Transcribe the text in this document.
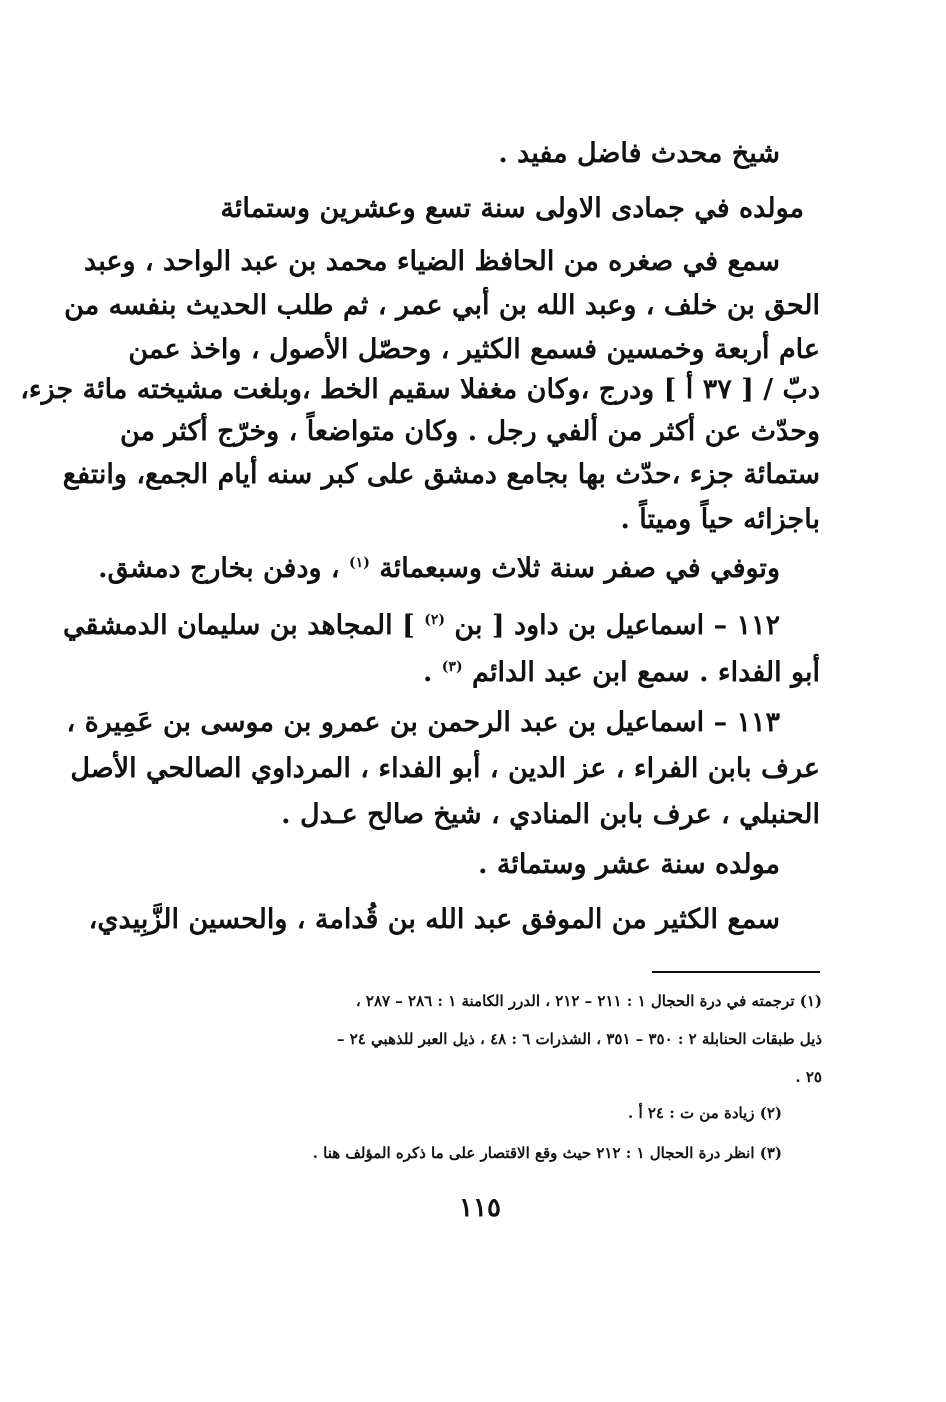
شيخ محدث فاضل مفيد .
مولده في جمادى الاولى سنة تسع وعشرين وستمائة
سمع في صغره من الحافظ الضياء محمد بن عبد الواحد ، وعبد
الحق بن خلف ، وعبد الله بن أبي عمر ، ثم طلب الحديث بنفسه من
عام أربعة وخمسين فسمع الكثير ، وحصّل الأصول ، واخذ عمن
دبّ / [ ٣٧ أ ] ودرج ،وكان مغفلا سقيم الخط ،وبلغت مشيخته مائة جزء،
وحدّث عن أكثر من ألفي رجل . وكان متواضعاً ، وخرّج أكثر من
ستمائة جزء ،حدّث بها بجامع دمشق على كبر سنه أيام الجمع، وانتفع
باجزائه حياً وميتاً .
وتوفي في صفر سنة ثلاث وسبعمائة $^{(١)}$ ، ودفن بخارج دمشق.
١١٢ – اسماعيل بن داود [ بن $^{(٢)}$ ] المجاهد بن سليمان الدمشقي
أبو الفداء . سمع ابن عبد الدائم $^{(٣)}$ .
١١٣ – اسماعيل بن عبد الرحمن بن عمرو بن موسى بن عَمِيرة ،
عرف بابن الفراء ، عز الدين ، أبو الفداء ، المرداوي الصالحي الأصل
الحنبلي ، عرف بابن المنادي ، شيخ صالح عـدل .
مولده سنة عشر وستمائة .
سمع الكثير من الموفق عبد الله بن قُدامة ، والحسين الزَّبِيدي،
(١) ترجمته في درة الحجال ١ : ٢١١ – ٢١٢ ، الدرر الكامنة ١ : ٢٨٦ – ٢٨٧ ،
ذيل طبقات الحنابلة ٢ : ٣٥٠ – ٣٥١ ، الشذرات ٦ : ٤٨ ، ذيل العبر للذهبي ٢٤ –
٢٥ .
(٢) زيادة من ت : ٢٤ أ .
(٣) انظر درة الحجال ١ : ٢١٢ حيث وقع الاقتصار على ما ذكره المؤلف هنا .
١١٥
